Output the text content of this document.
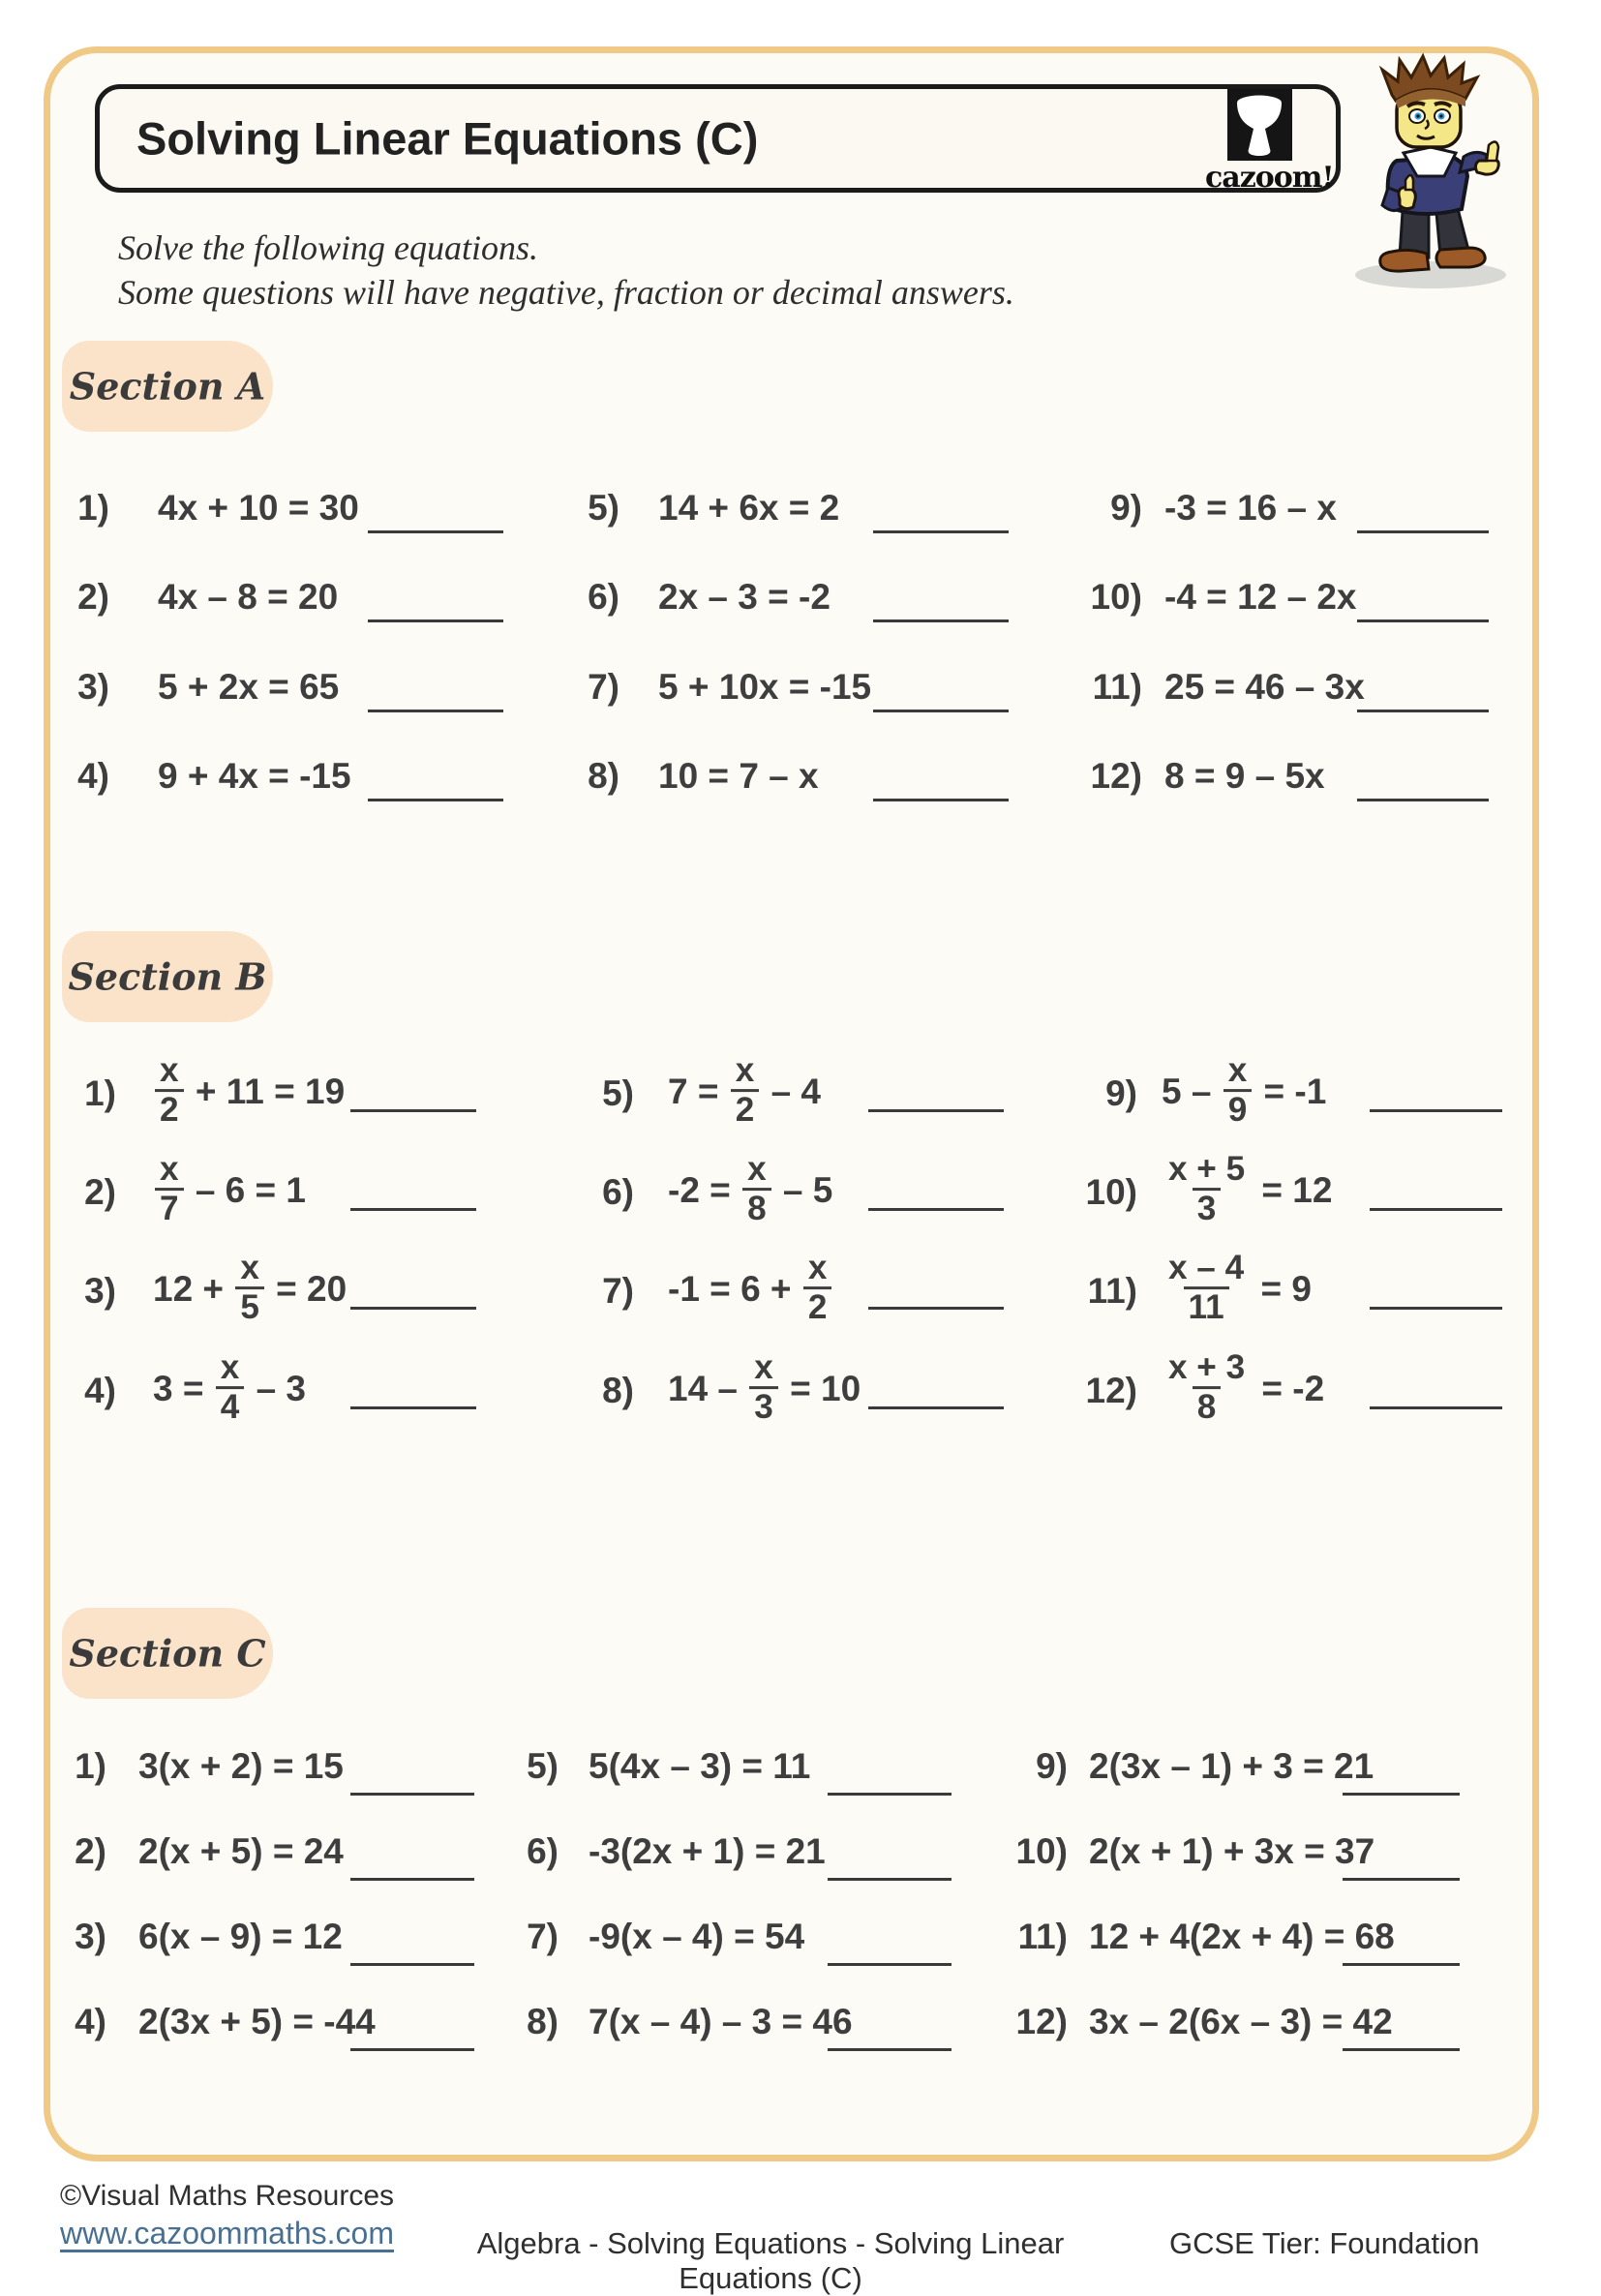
Solving Linear Equations (C)
cazoom!
Solve the following equations.
Some questions will have negative, fraction or decimal answers.
Section A
Section B
Section C
1) 4x + 10 = 30
2) 4x – 8 = 20
3) 5 + 2x = 65
4) 9 + 4x = -15
5) 14 + 6x = 2
6) 2x – 3 = -2
7) 5 + 10x = -15
8) 10 = 7 – x
9) -3 = 16 – x
10) -4 = 12 – 2x
11) 25 = 46 – 3x
12) 8 = 9 – 5x
$1) \frac{x}{2} + 11 = 19$
$2) \frac{x}{7} - 6 = 1$
3) $12 + \frac{x}{5} = 20$
4) $3 = \frac{x}{4} - 3$
5) $7 = \frac{x}{2} - 4$
6) $-2 = \frac{x}{8} - 5$
7) $-1 = 6 + \frac{x}{2}$
8) $14 - \frac{x}{3} = 10$
9) $5 - \frac{x}{9} = -1$
$10) \frac{x + 5}{3} = 12$
$11) \frac{x - 4}{11} = 9$
$12) \frac{x + 3}{8} = -2$
1) 3(x + 2) = 15
2) 2(x + 5) = 24
3) 6(x – 9) = 12
4) 2(3x + 5) = -44
5) 5(4x – 3) = 11
6) -3(2x + 1) = 21
7) -9(x – 4) = 54
8) 7(x – 4) – 3 = 46
9) 2(3x – 1) + 3 = 21
10) 2(x + 1) + 3x = 37
11) 12 + 4(2x + 4) = 68
12) 3x – 2(6x – 3) = 42
©Visual Maths Resources
www.cazoommaths.com	Algebra - Solving Equations - Solving Linear Equations (C)
GCSE Tier: Foundation
